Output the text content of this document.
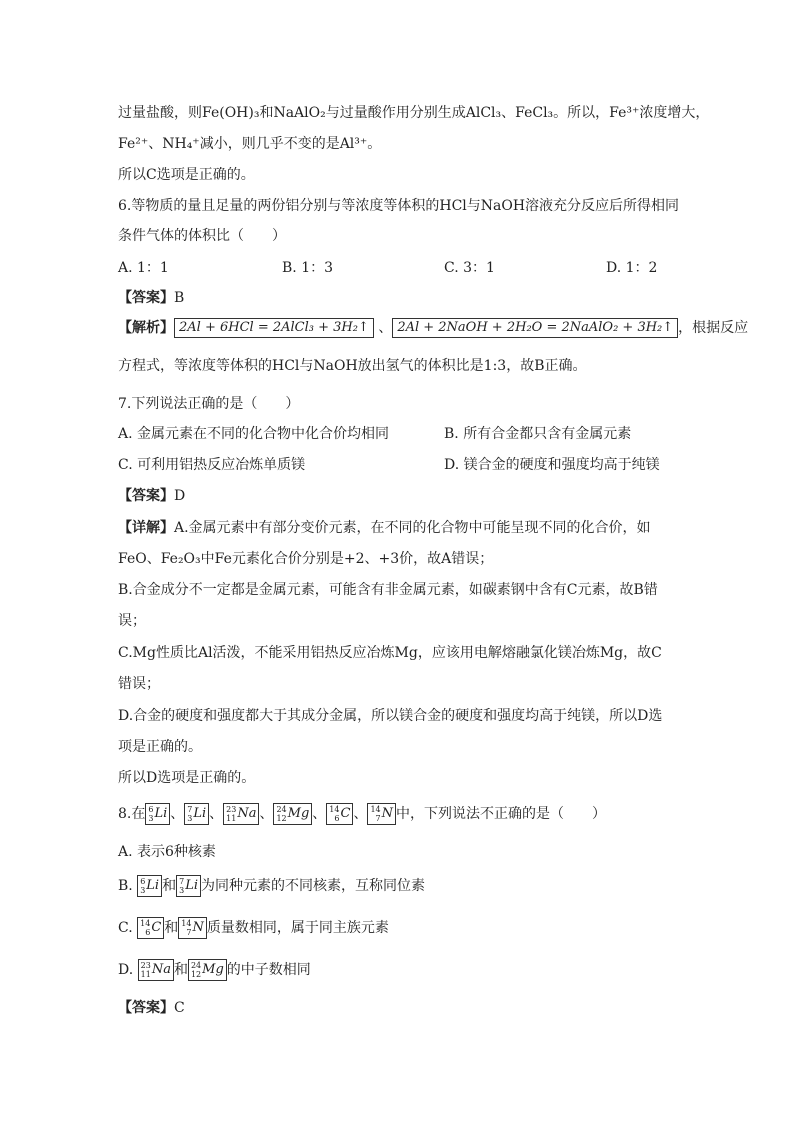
过量盐酸，则Fe(OH)₃和NaAlO₂与过量酸作用分别生成AlCl₃、FeCl₃。所以，Fe³⁺浓度增大，
Fe²⁺、NH₄⁺减小，则几乎不变的是Al³⁺。
所以C选项是正确的。
6.等物质的量且足量的两份铝分别与等浓度等体积的HCl与NaOH溶液充分反应后所得相同
条件气体的体积比（　　）
A. 1：1	B. 1：3	C. 3：1	D. 1：2
【答案】B
【解析】 2Al + 6HCl = 2AlCl₃ + 3H₂↑ 、 2Al + 2NaOH + 2H₂O = 2NaAlO₂ + 3H₂↑ ，根据反应
方程式，等浓度等体积的HCl与NaOH放出氢气的体积比是1:3，故B正确。
7.下列说法正确的是（　　）
A. 金属元素在不同的化合物中化合价均相同	B. 所有合金都只含有金属元素
C. 可利用铝热反应冶炼单质镁	D. 镁合金的硬度和强度均高于纯镁
【答案】D
【详解】A.金属元素中有部分变价元素，在不同的化合物中可能呈现不同的化合价，如
FeO、Fe₂O₃中Fe元素化合价分别是+2、+3价，故A错误；
B.合金成分不一定都是金属元素，可能含有非金属元素，如碳素钢中含有C元素，故B错
误；
C.Mg性质比Al活泼，不能采用铝热反应冶炼Mg，应该用电解熔融氯化镁冶炼Mg，故C
错误；
D.合金的硬度和强度都大于其成分金属，所以镁合金的硬度和强度均高于纯镁，所以D选
项是正确的。
所以D选项是正确的。
8.在 6
3 Li 、 7
3 Li 、 23
11 Na 、 24
12 Mg 、 14
6 C 、 14
7 N 中，下列说法不正确的是（　　）
A. 表示6种核素
B. 6
3 Li 和 7
3 Li 为同种元素的不同核素，互称同位素
C. 14
6 C 和 14
7 N 质量数相同，属于同主族元素
D. 23
11 Na 和 24
12 Mg 的中子数相同
【答案】C
